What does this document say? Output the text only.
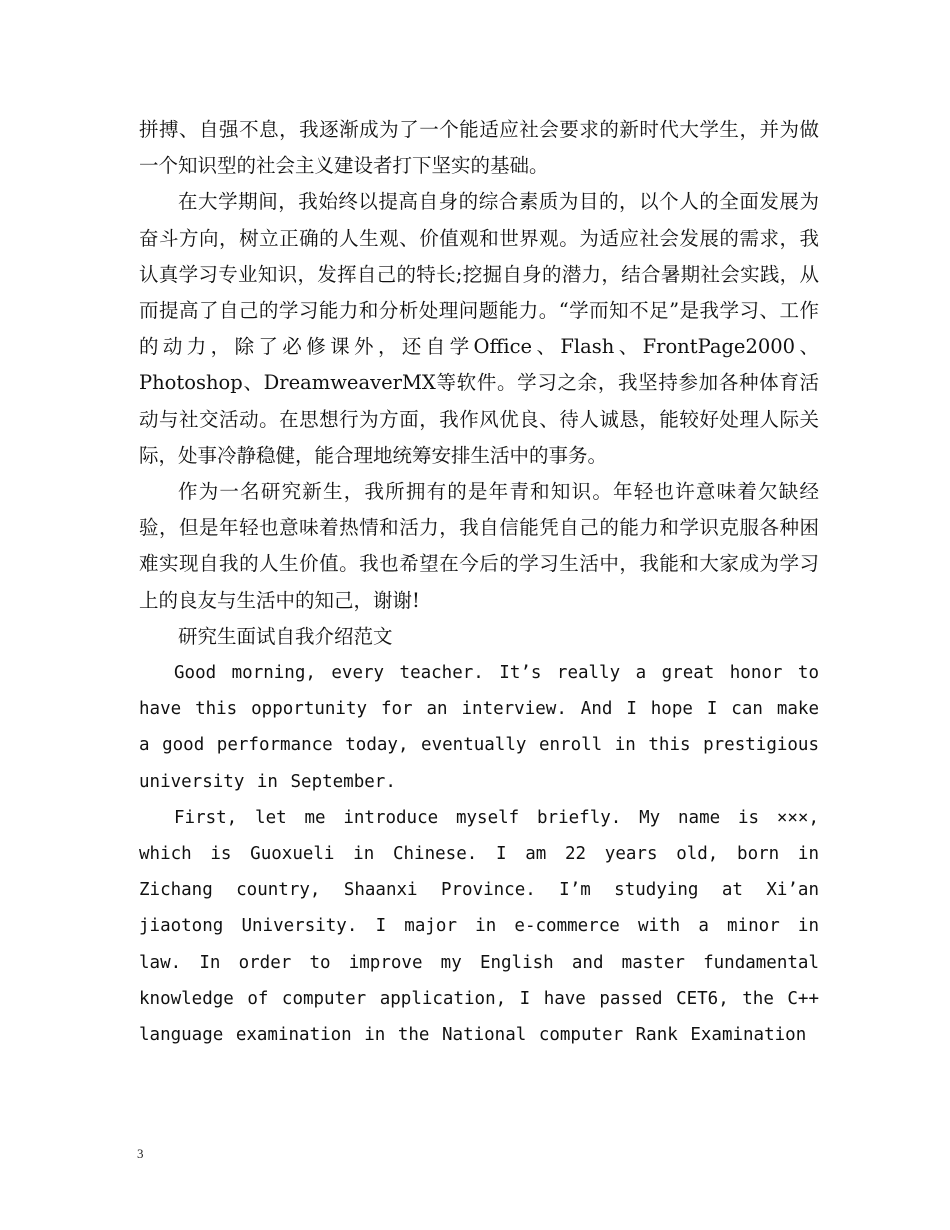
拼搏、自强不息，我逐渐成为了一个能适应社会要求的新时代大学生，并为做一个知识型的社会主义建设者打下坚实的基础。

在大学期间，我始终以提高自身的综合素质为目的，以个人的全面发展为奋斗方向，树立正确的人生观、价值观和世界观。为适应社会发展的需求，我认真学习专业知识，发挥自己的特长;挖掘自身的潜力，结合暑期社会实践，从而提高了自己的学习能力和分析处理问题能力。“学而知不足”是我学习、工作的动力，除了必修课外，还自学Office、Flash、FrontPage2000、Photoshop、DreamweaverMX等软件。学习之余，我坚持参加各种体育活动与社交活动。在思想行为方面，我作风优良、待人诚恳，能较好处理人际关际，处事冷静稳健，能合理地统筹安排生活中的事务。

作为一名研究新生，我所拥有的是年青和知识。年轻也许意味着欠缺经验，但是年轻也意味着热情和活力，我自信能凭自己的能力和学识克服各种困难实现自我的人生价值。我也希望在今后的学习生活中，我能和大家成为学习上的良友与生活中的知己，谢谢!

研究生面试自我介绍范文

Good morning, every teacher. It’s really a great honor to have this opportunity for an interview. And I hope I can make a good performance today, eventually enroll in this prestigious university in September.

First, let me introduce myself briefly. My name is ×××, which is Guoxueli in Chinese. I am 22 years old, born in Zichang country, Shaanxi Province. I’m studying at Xi’an jiaotong University. I major in e-commerce with a minor in law. In order to improve my English and master fundamental knowledge of computer application, I have passed CET6, the C++ language examination in the National computer Rank Examination

3
